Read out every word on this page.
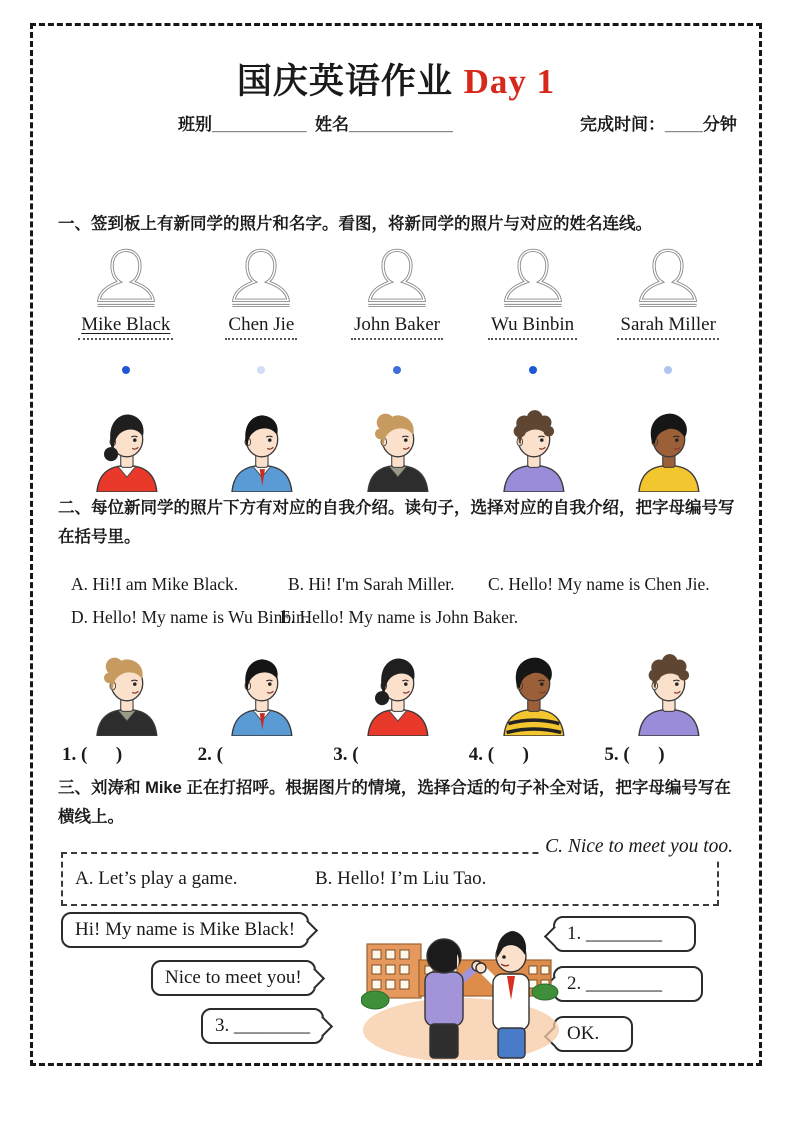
国庆英语作业 Day 1
班别__________ 姓名___________	完成时间：____分钟
一、签到板上有新同学的照片和名字。看图，将新同学的照片与对应的姓名连线。
Mike Black	Chen Jie	John Baker	Wu Binbin Sarah Miller
二、每位新同学的照片下方有对应的自我介绍。读句子，选择对应的自我介绍，把字母编号写在括号里。
A. Hi!I am Mike Black.	B. Hi! I'm Sarah Miller. C. Hello! My name is Chen Jie.
D. Hello! My name is Wu Binbin.
E. Hello! My name is John Baker.
1. (      )	2. (	3. (	4. (      )	5. (      )
三、刘涛和 Mike 正在打招呼。根据图片的情境，选择合适的句子补全对话，把字母编号写在横线上。
A. Let’s play a game.	B. Hello! I’m Liu Tao.
C. Nice to meet you too.
Hi! My name is Mike Black!
Nice to meet you!
3. ________
1. ________
2. ________
OK.
